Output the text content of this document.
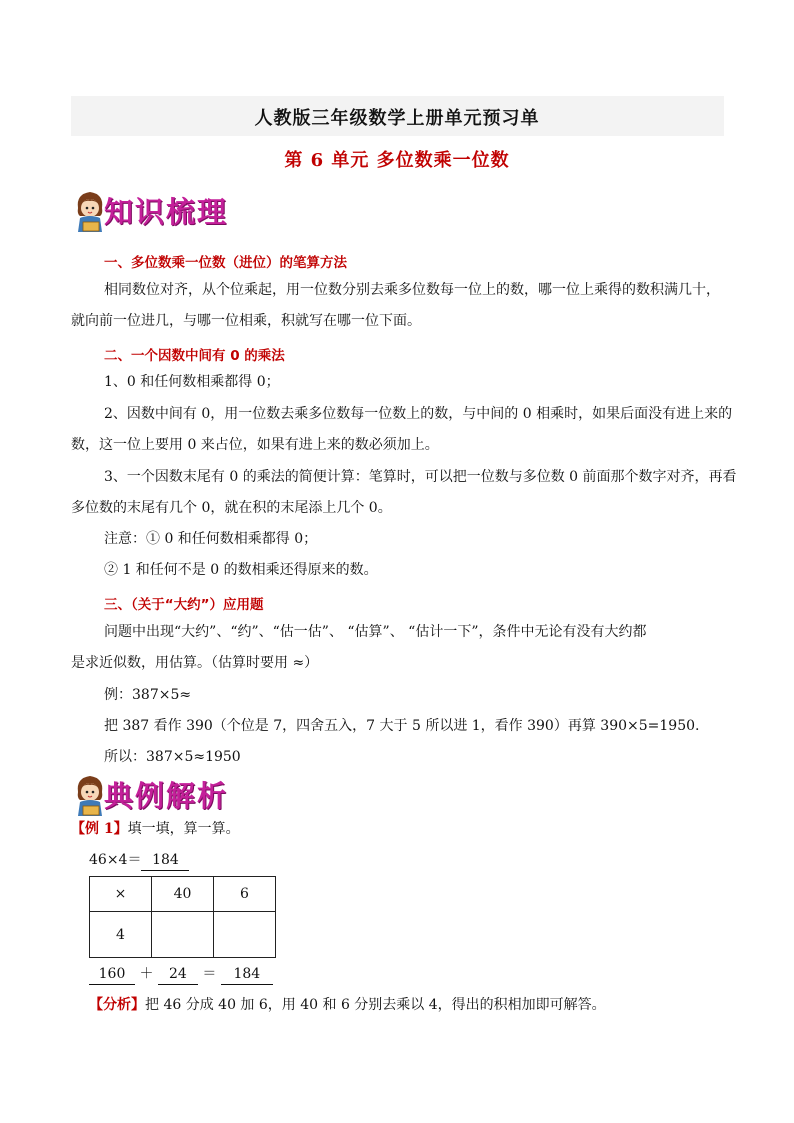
人教版三年级数学上册单元预习单
第 6 单元 多位数乘一位数
知识梳理
一、多位数乘一位数（进位）的笔算方法
相同数位对齐，从个位乘起，用一位数分别去乘多位数每一位上的数，哪一位上乘得的数积满几十，
就向前一位进几，与哪一位相乘，积就写在哪一位下面。
二、一个因数中间有 0 的乘法
1、0 和任何数相乘都得 0；
2、因数中间有 0，用一位数去乘多位数每一位数上的数，与中间的 0 相乘时，如果后面没有进上来的
数，这一位上要用 0 来占位，如果有进上来的数必须加上。
3、一个因数末尾有 0 的乘法的简便计算：笔算时，可以把一位数与多位数 0 前面那个数字对齐，再看
多位数的末尾有几个 0，就在积的末尾添上几个 0。
注意：① 0 和任何数相乘都得 0；
② 1 和任何不是 0 的数相乘还得原来的数。
三、（关于“大约”）应用题
问题中出现“大约”、“约”、“估一估”、 “估算”、 “估计一下”，条件中无论有没有大约都
是求近似数，用估算。（估算时要用 ≈）
例：387×5≈
把 387 看作 390（个位是 7，四舍五入，7 大于 5 所以进 1，看作 390）再算 390×5=1950.
所以：387×5≈1950
典例解析
【例 1】填一填，算一算。
46×4＝ 184
×	40	6
4		
160 ＋ 24 ＝ 184
【分析】把 46 分成 40 加 6，用 40 和 6 分别去乘以 4，得出的积相加即可解答。
